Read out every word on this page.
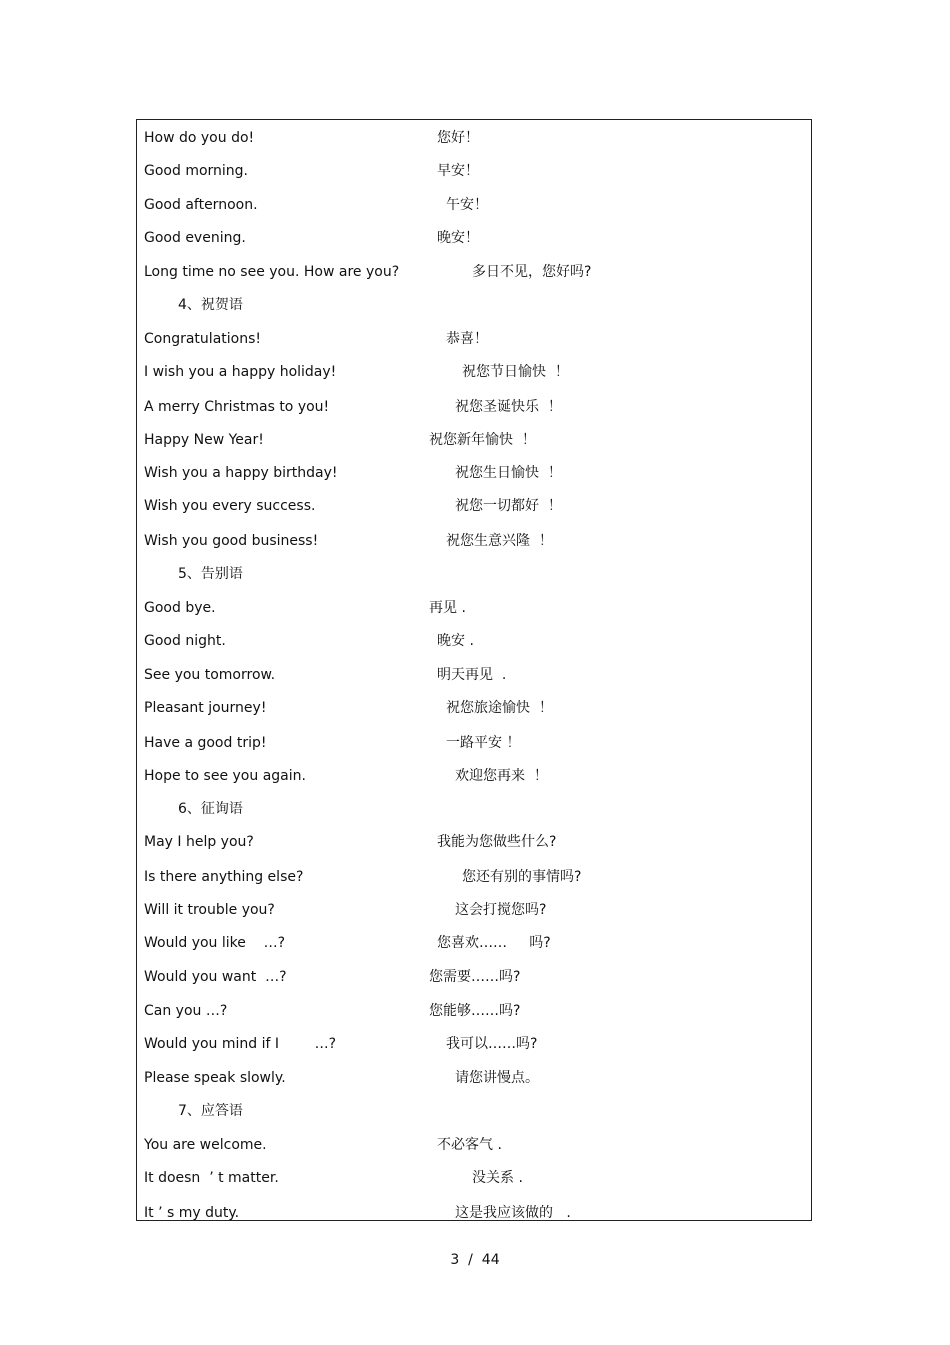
How do you do!	您好！
Good morning.	早安！
Good afternoon.	午安！
Good evening.	晚安！
Long time no see you. How are you?	多日不见，您好吗?
4、祝贺语
Congratulations!	恭喜！
I wish you a happy holiday!	祝您节日愉快  ！
A merry Christmas to you!	祝您圣诞快乐  ！
Happy New Year!	祝您新年愉快  ！
Wish you a happy birthday!	祝您生日愉快  ！
Wish you every success.	祝您一切都好  ！
Wish you good business!	祝您生意兴隆  ！
5、告别语
Good bye.	再见 .
Good night.	晚安 .
See you tomorrow.	明天再见  .
Pleasant journey!	祝您旅途愉快  ！
Have a good trip!	一路平安 ！
Hope to see you again.	欢迎您再来  ！
6、征询语
May I help you?	我能为您做些什么?
Is there anything else?	您还有别的事情吗?
Will it trouble you?	这会打搅您吗?
Would you like    …?	您喜欢……     吗?
Would you want  …?	您需要……吗?
Can you …?	您能够……吗?
Would you mind if I        …?	我可以……吗?
Please speak slowly.	请您讲慢点。
7、应答语
You are welcome.	不必客气 .
It doesn  ’ t matter.	没关系 .
It ’ s my duty.	这是我应该做的   .
3  /  44
